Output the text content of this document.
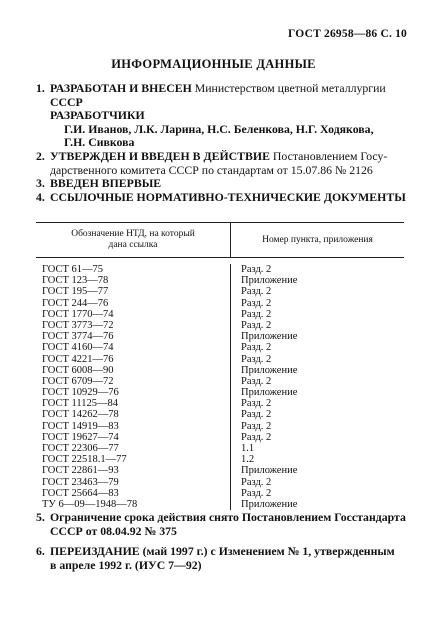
ГОСТ 26958—86 С. 10
ИНФОРМАЦИОННЫЕ ДАННЫЕ
1. РАЗРАБОТАН И ВНЕСЕН Министерством цветной металлургии
СССР
РАЗРАБОТЧИКИ
Г.И. Иванов, Л.К. Ларина, Н.С. Беленкова, Н.Г. Ходякова,
Г.Н. Сивкова
2. УТВЕРЖДЕН И ВВЕДЕН В ДЕЙСТВИЕ Постановлением Госу-
дарственного комитета СССР по стандартам от 15.07.86 № 2126
3. ВВЕДЕН ВПЕРВЫЕ
4. ССЫЛОЧНЫЕ НОРМАТИВНО-ТЕХНИЧЕСКИЕ ДОКУМЕНТЫ
Обозначение НТД, на который
дана ссылка	Номер пункта, приложения
ГОСТ 61—75
ГОСТ 123—78
ГОСТ 195—77
ГОСТ 244—76
ГОСТ 1770—74
ГОСТ 3773—72
ГОСТ 3774—76
ГОСТ 4160—74
ГОСТ 4221—76
ГОСТ 6008—90
ГОСТ 6709—72
ГОСТ 10929—76
ГОСТ 11125—84
ГОСТ 14262—78
ГОСТ 14919—83
ГОСТ 19627—74
ГОСТ 22306—77
ГОСТ 22518.1—77
ГОСТ 22861—93
ГОСТ 23463—79
ГОСТ 25664—83
ТУ 6—09—1948—78
Разд. 2
Приложение
Разд. 2
Разд. 2
Разд. 2
Разд. 2
Приложение
Разд. 2
Разд. 2
Приложение
Разд. 2
Приложение
Разд. 2
Разд. 2
Разд. 2
Разд. 2
1.1
1.2
Приложение
Разд. 2
Разд. 2
Приложение
5. Ограничение срока действия снято Постановлением Госстандарта
СССР от 08.04.92 № 375
6. ПЕРЕИЗДАНИЕ (май 1997 г.) с Изменением № 1, утвержденным
в апреле 1992 г. (ИУС 7—92)
